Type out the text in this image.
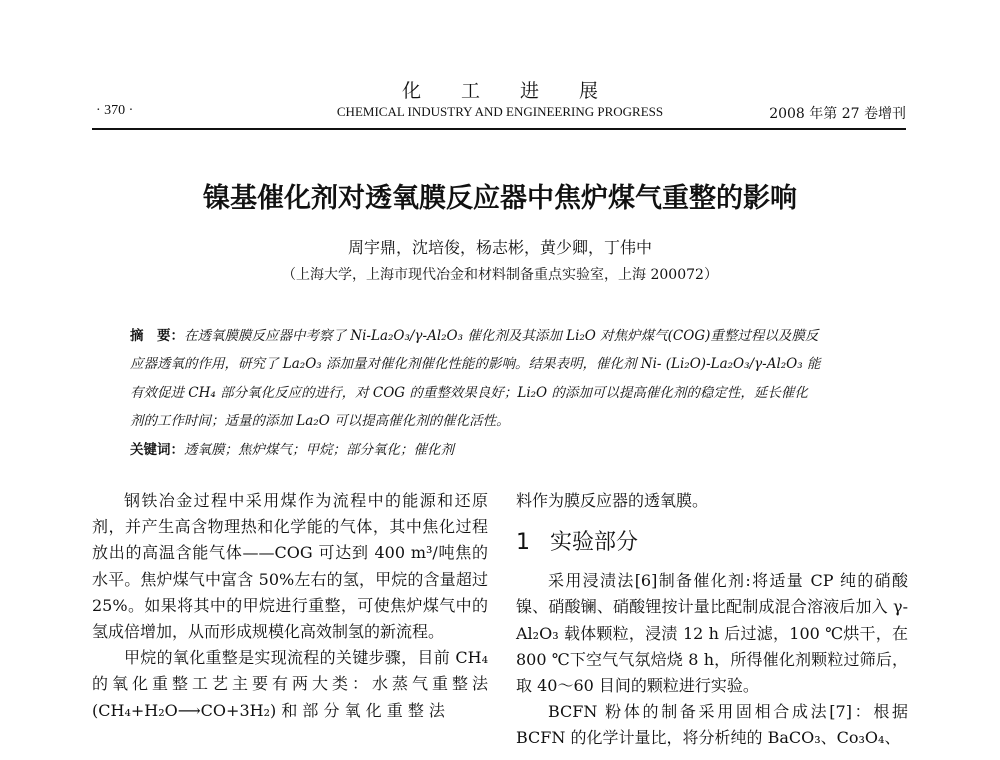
化工进展
· 370 ·	CHEMICAL INDUSTRY AND ENGINEERING PROGRESS	2008 年第 27 卷增刊
镍基催化剂对透氧膜反应器中焦炉煤气重整的影响
周宇鼎，沈培俊，杨志彬，黄少卿，丁伟中
（上海大学，上海市现代冶金和材料制备重点实验室，上海 200072）
摘　要：在透氧膜膜反应器中考察了 Ni-La₂O₃/γ-Al₂O₃ 催化剂及其添加 Li₂O 对焦炉煤气(COG)重整过程以及膜反
应器透氧的作用，研究了 La₂O₃ 添加量对催化剂催化性能的影响。结果表明，催化剂 Ni- (Li₂O)-La₂O₃/γ-Al₂O₃ 能
有效促进 CH₄ 部分氧化反应的进行，对 COG 的重整效果良好；Li₂O 的添加可以提高催化剂的稳定性，延长催化
剂的工作时间；适量的添加 La₂O 可以提高催化剂的催化活性。
关键词：透氧膜；焦炉煤气；甲烷；部分氧化；催化剂

钢铁冶金过程中采用煤作为流程中的能源和还原剂，并产生高含物理热和化学能的气体，其中焦化过程放出的高温含能气体——COG 可达到 400 m³/吨焦的水平。焦炉煤气中富含 50%左右的氢，甲烷的含量超过 25%。如果将其中的甲烷进行重整，可使焦炉煤气中的氢成倍增加，从而形成规模化高效制氢的新流程。

甲烷的氧化重整是实现流程的关键步骤，目前 CH₄ 的氧化重整工艺主要有两大类：水蒸气重整法 (CH₄+H₂O⟶CO+3H₂) 和 部 分 氧 化 重 整 法

料作为膜反应器的透氧膜。

1 实验部分

采用浸渍法[6]制备催化剂:将适量 CP 纯的硝酸镍、硝酸镧、硝酸锂按计量比配制成混合溶液后加入 γ-Al₂O₃ 载体颗粒，浸渍 12 h 后过滤，100 ℃烘干，在 800 ℃下空气气氛焙烧 8 h，所得催化剂颗粒过筛后，取 40～60 目间的颗粒进行实验。

BCFN 粉体的制备采用固相合成法[7]：根据 BCFN 的化学计量比，将分析纯的 BaCO₃、Co₃O₄、
